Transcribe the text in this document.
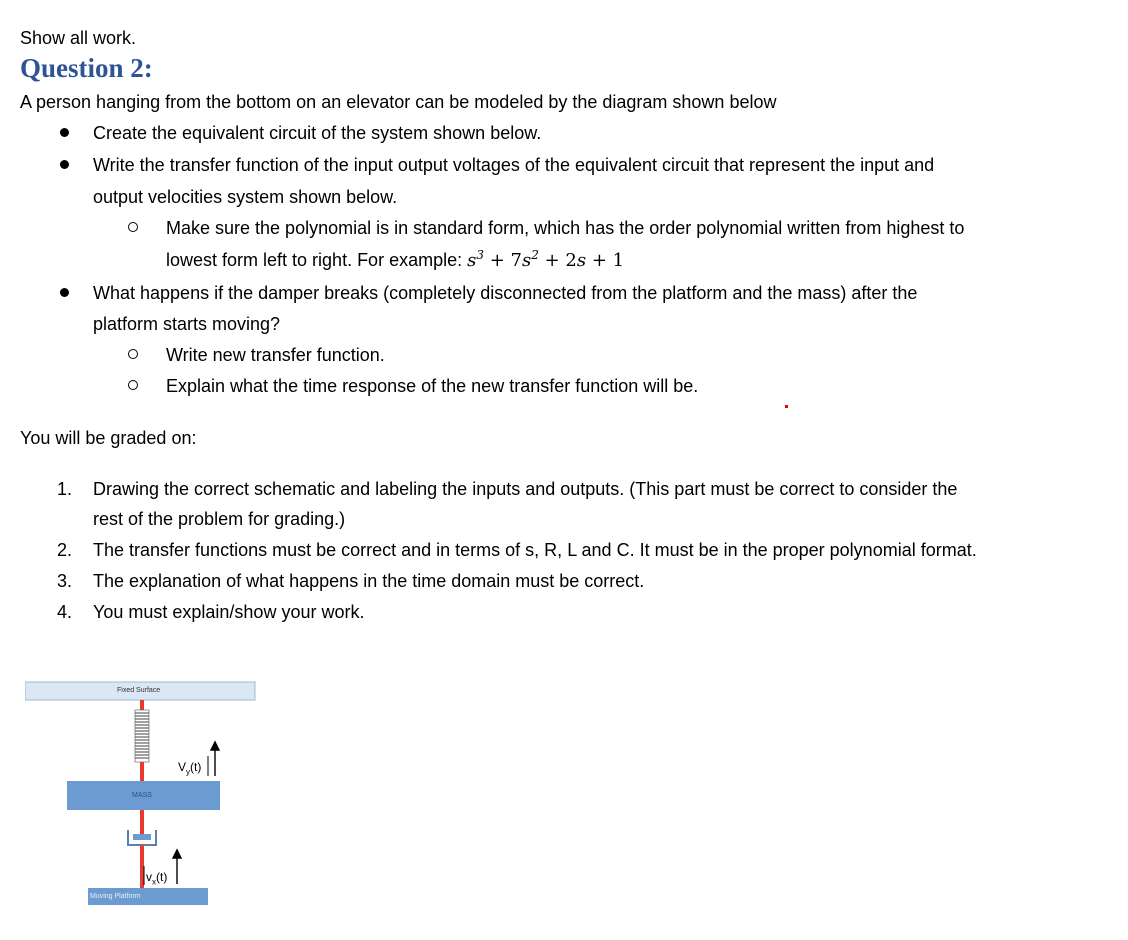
Show all work.
Question 2:
A person hanging from the bottom on an elevator can be modeled by the diagram shown below
Create the equivalent circuit of the system shown below.
Write the transfer function of the input output voltages of the equivalent circuit that represent the input and
output velocities system shown below.
Make sure the polynomial is in standard form, which has the order polynomial written from highest to
lowest form left to right. For example: $s^3 + 7s^2 + 2s + 1$
What happens if the damper breaks (completely disconnected from the platform and the mass) after the
platform starts moving?
Write new transfer function.
Explain what the time response of the new transfer function will be.
You will be graded on:
1. Drawing the correct schematic and labeling the inputs and outputs. (This part must be correct to consider the
rest of the problem for grading.)
2. The transfer functions must be correct and in terms of s, R, L and C. It must be in the proper polynomial format.
3. The explanation of what happens in the time domain must be correct.
4. You must explain/show your work.
Fixed Surface
MASS
Moving Platform
$V_y(t)$
$v_x(t)$
